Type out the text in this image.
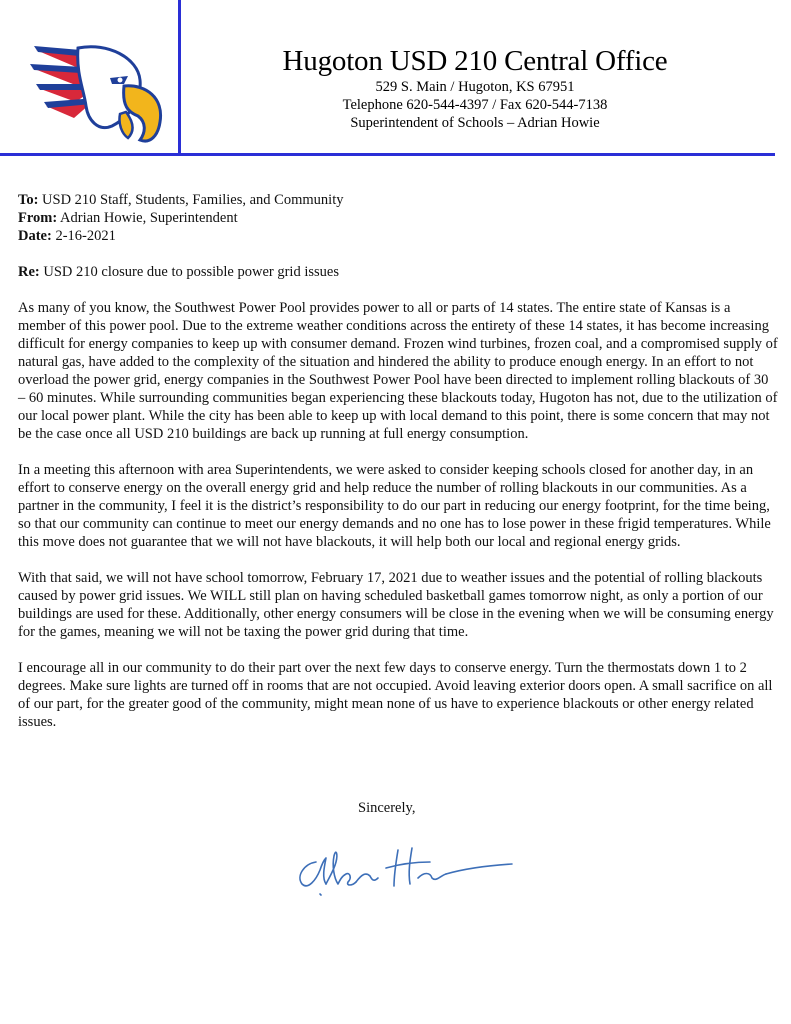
Hugoton USD 210 Central Office
529 S. Main / Hugoton, KS 67951
Telephone 620-544-4397 / Fax 620-544-7138
Superintendent of Schools – Adrian Howie

To: USD 210 Staff, Students, Families, and Community

From: Adrian Howie, Superintendent

Date: 2-16-2021

Re: USD 210 closure due to possible power grid issues

As many of you know, the Southwest Power Pool provides power to all or parts of 14 states. The entire state of Kansas is a member of this power pool. Due to the extreme weather conditions across the entirety of these 14 states, it has become increasing difficult for energy companies to keep up with consumer demand. Frozen wind turbines, frozen coal, and a compromised supply of natural gas, have added to the complexity of the situation and hindered the ability to produce enough energy. In an effort to not overload the power grid, energy companies in the Southwest Power Pool have been directed to implement rolling blackouts of 30 – 60 minutes. While surrounding communities began experiencing these blackouts today, Hugoton has not, due to the utilization of our local power plant. While the city has been able to keep up with local demand to this point, there is some concern that may not be the case once all USD 210 buildings are back up running at full energy consumption.

In a meeting this afternoon with area Superintendents, we were asked to consider keeping schools closed for another day, in an effort to conserve energy on the overall energy grid and help reduce the number of rolling blackouts in our communities. As a partner in the community, I feel it is the district’s responsibility to do our part in reducing our energy footprint, for the time being, so that our community can continue to meet our energy demands and no one has to lose power in these frigid temperatures. While this move does not guarantee that we will not have blackouts, it will help both our local and regional energy grids.

With that said, we will not have school tomorrow, February 17, 2021 due to weather issues and the potential of rolling blackouts caused by power grid issues. We WILL still plan on having scheduled basketball games tomorrow night, as only a portion of our buildings are used for these. Additionally, other energy consumers will be close in the evening when we will be consuming energy for the games, meaning we will not be taxing the power grid during that time.

I encourage all in our community to do their part over the next few days to conserve energy. Turn the thermostats down 1 to 2 degrees. Make sure lights are turned off in rooms that are not occupied. Avoid leaving exterior doors open. A small sacrifice on all of our part, for the greater good of the community, might mean none of us have to experience blackouts or other energy related issues.

Sincerely,
